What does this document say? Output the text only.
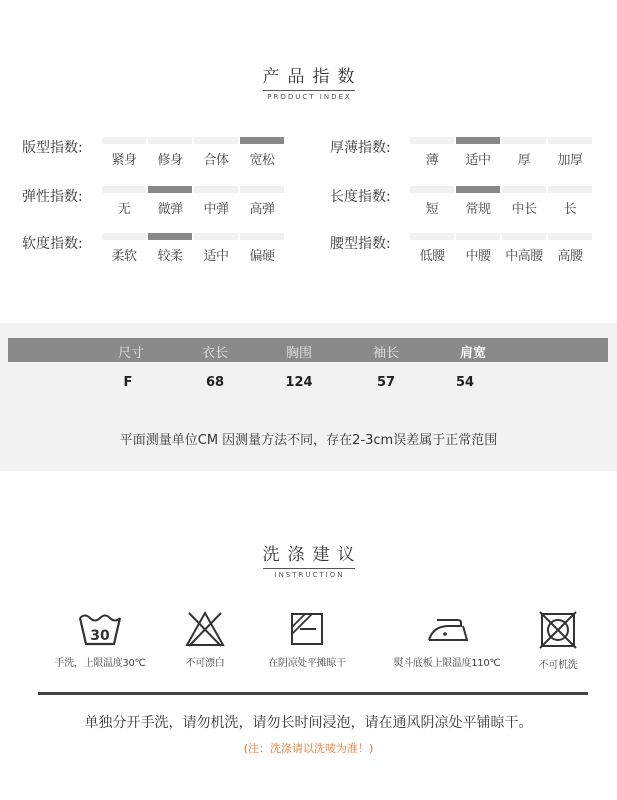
产品指数
PRODUCT INDEX
版型指数:
紧身	修身	合体	宽松
弹性指数:
无	微弹	中弹	高弹
软度指数:
柔软	较柔	适中	偏硬
厚薄指数:
薄	适中	厚	加厚
长度指数:
短	常规	中长	长
腰型指数:
低腰	中腰	中高腰	高腰
尺寸	衣长	胸围	袖长	肩宽
F	68	124	57	54
平面测量单位CM 因测量方法不同，存在2-3cm误差属于正常范围
洗涤建议
INSTRUCTION
30
手洗，上限温度30℃	不可漂白	在阴凉处平摊晾干	熨斗底板上限温度110℃	不可机洗
单独分开手洗，请勿机洗，请勿长时间浸泡，请在通风阴凉处平铺晾干。
(注：洗涤请以洗唛为准！)
